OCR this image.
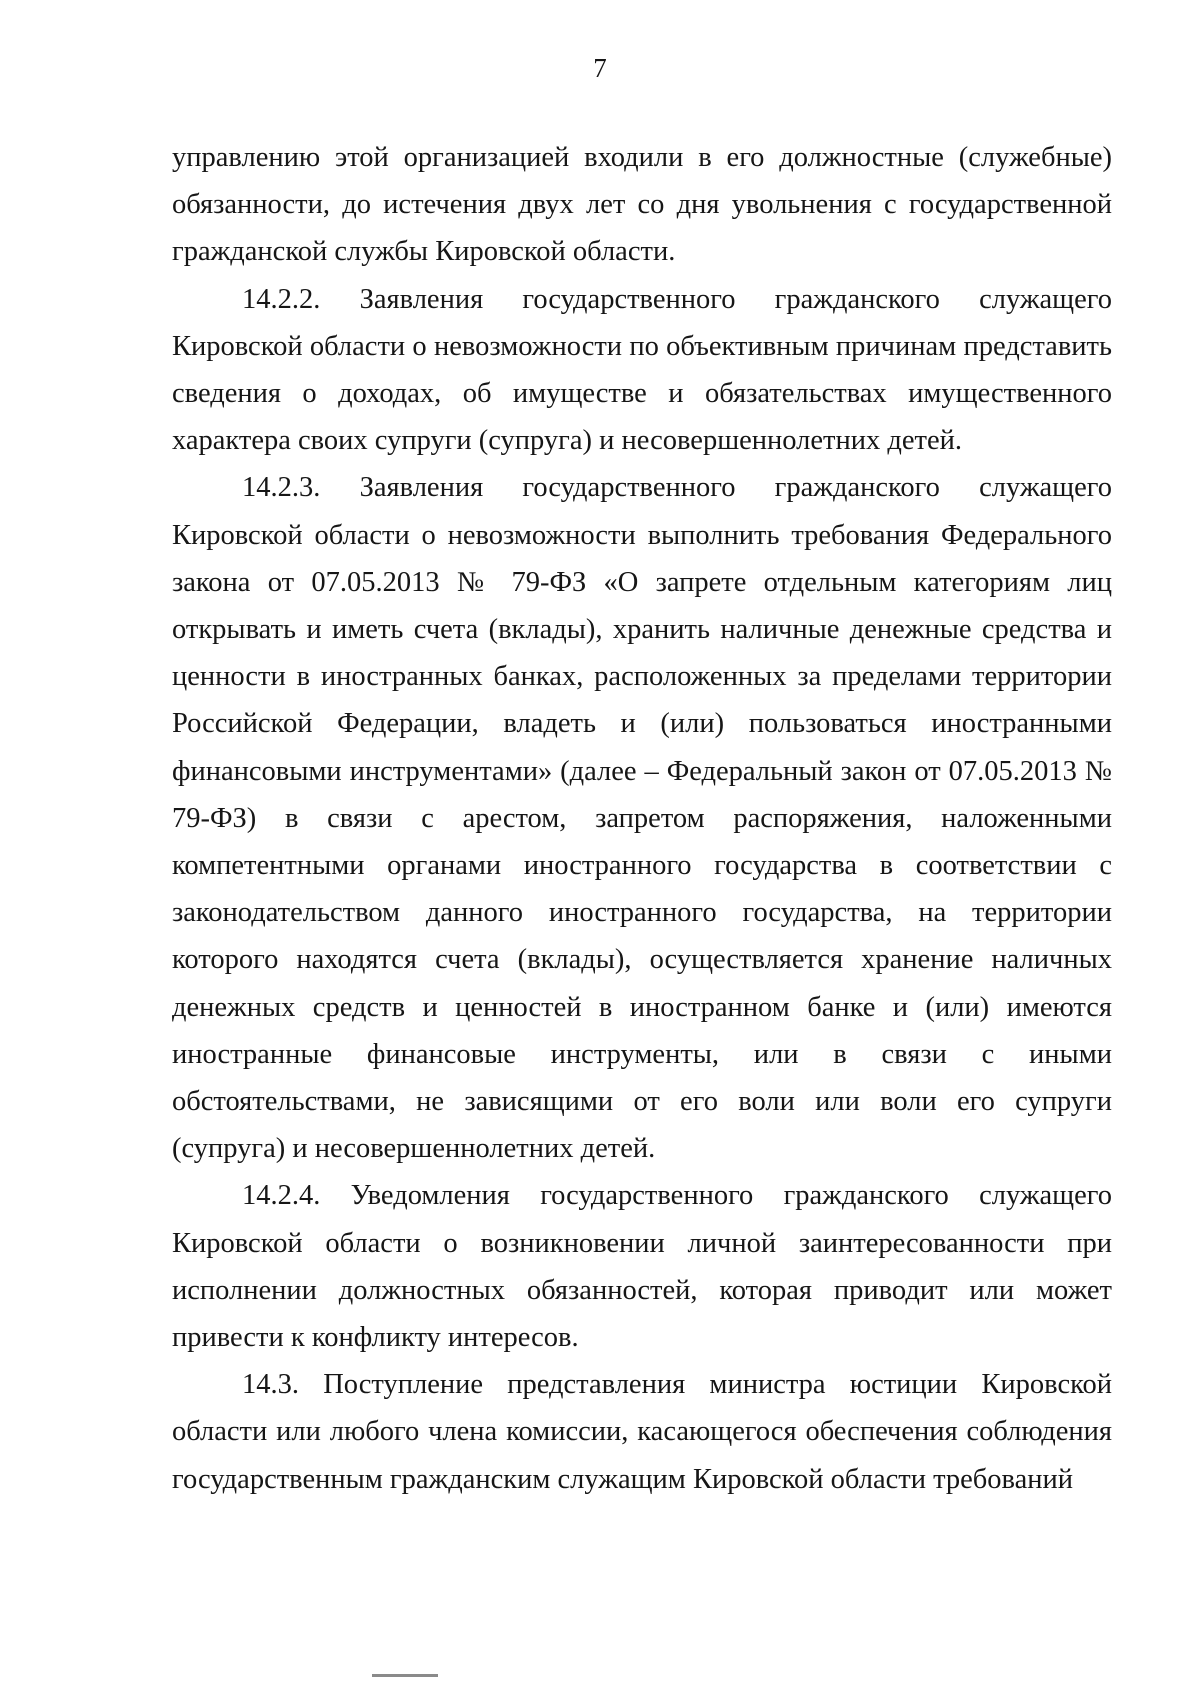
7

управлению этой организацией входили в его должностные (служебные) обязанности, до истечения двух лет со дня увольнения с государственной гражданской службы Кировской области.

14.2.2. Заявления государственного гражданского служащего Кировской области о невозможности по объективным причинам представить сведения о доходах, об имуществе и обязательствах имущественного характера своих супруги (супруга) и несовершеннолетних детей.

14.2.3. Заявления государственного гражданского служащего Кировской области о невозможности выполнить требования Федерального закона от 07.05.2013 № 79-ФЗ «О запрете отдельным категориям лиц открывать и иметь счета (вклады), хранить наличные денежные средства и ценности в иностранных банках, расположенных за пределами территории Российской Федерации, владеть и (или) пользоваться иностранными финансовыми инструментами» (далее – Федеральный закон от 07.05.2013 № 79-ФЗ) в связи с арестом, запретом распоряжения, наложенными компетентными органами иностранного государства в соответствии с законодательством данного иностранного государства, на территории которого находятся счета (вклады), осуществляется хранение наличных денежных средств и ценностей в иностранном банке и (или) имеются иностранные финансовые инструменты, или в связи с иными обстоятельствами, не зависящими от его воли или воли его супруги (супруга) и несовершеннолетних детей.

14.2.4. Уведомления государственного гражданского служащего Кировской области о возникновении личной заинтересованности при исполнении должностных обязанностей, которая приводит или может привести к конфликту интересов.

14.3. Поступление представления министра юстиции Кировской области или любого члена комиссии, касающегося обеспечения соблюдения государственным гражданским служащим Кировской области требований
